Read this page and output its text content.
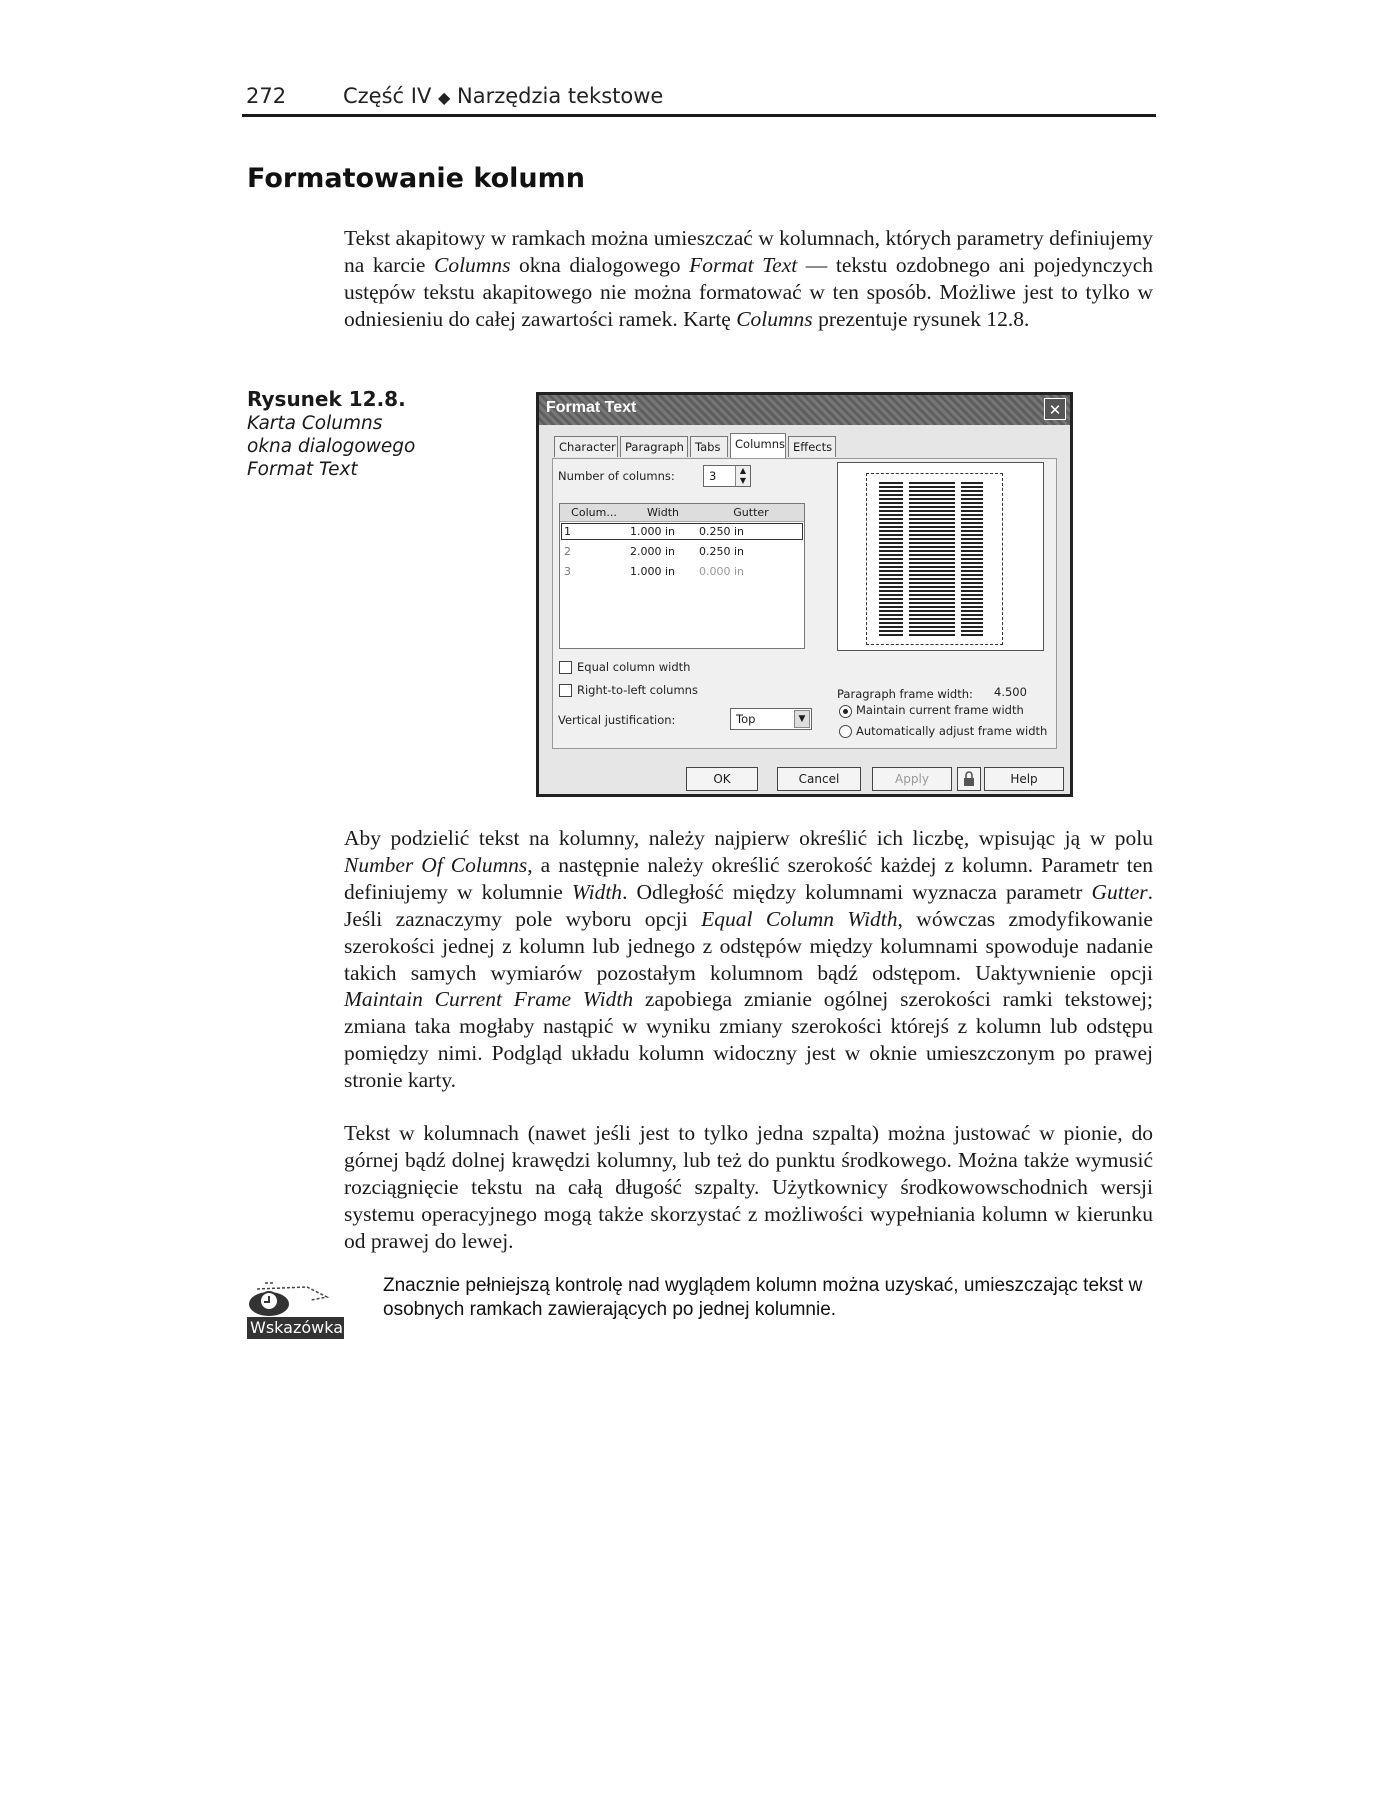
272	Część IV ◆ Narzędzia tekstowe
Formatowanie kolumn
Tekst akapitowy w ramkach można umieszczać w kolumnach, których parametry definiujemy na karcie Columns okna dialogowego Format Text — tekstu ozdobnego ani pojedynczych ustępów tekstu akapitowego nie można formatować w ten sposób. Możliwe jest to tylko w odniesieniu do całej zawartości ramek. Kartę Columns prezentuje rysunek 12.8.
Rysunek 12.8.
Karta Columns
okna dialogowego
Format Text
Format Text	✕
Character Paragraph Tabs	Columns Effects
Number of columns:	3	▲
▼
Colum...	Width	Gutter
1	1.000 in 0.250 in
2	2.000 in 0.250 in
3	1.000 in 0.000 in
Equal column width
Right-to-left columns
Vertical justification:	Top	▼
Paragraph frame width: 4.500
Maintain current frame width
Automatically adjust frame width
OK	Cancel	Apply	Help
Aby podzielić tekst na kolumny, należy najpierw określić ich liczbę, wpisując ją w polu Number Of Columns, a następnie należy określić szerokość każdej z kolumn. Parametr ten definiujemy w kolumnie Width. Odległość między kolumnami wyznacza parametr Gutter. Jeśli zaznaczymy pole wyboru opcji Equal Column Width, wówczas zmodyfikowanie szerokości jednej z kolumn lub jednego z odstępów między kolumnami spowoduje nadanie takich samych wymiarów pozostałym kolumnom bądź odstępom. Uaktywnienie opcji Maintain Current Frame Width zapobiega zmianie ogólnej szerokości ramki tekstowej; zmiana taka mogłaby nastąpić w wyniku zmiany szerokości którejś z kolumn lub odstępu pomiędzy nimi. Podgląd układu kolumn widoczny jest w oknie umieszczonym po prawej stronie karty.
Tekst w kolumnach (nawet jeśli jest to tylko jedna szpalta) można justować w pionie, do górnej bądź dolnej krawędzi kolumny, lub też do punktu środkowego. Można także wymusić rozciągnięcie tekstu na całą długość szpalty. Użytkownicy środkowowschodnich wersji systemu operacyjnego mogą także skorzystać z możliwości wypełniania kolumn w kierunku od prawej do lewej.
Wskazówka
Znacznie pełniejszą kontrolę nad wyglądem kolumn można uzyskać, umieszczając tekst w osobnych ramkach zawierających po jednej kolumnie.
